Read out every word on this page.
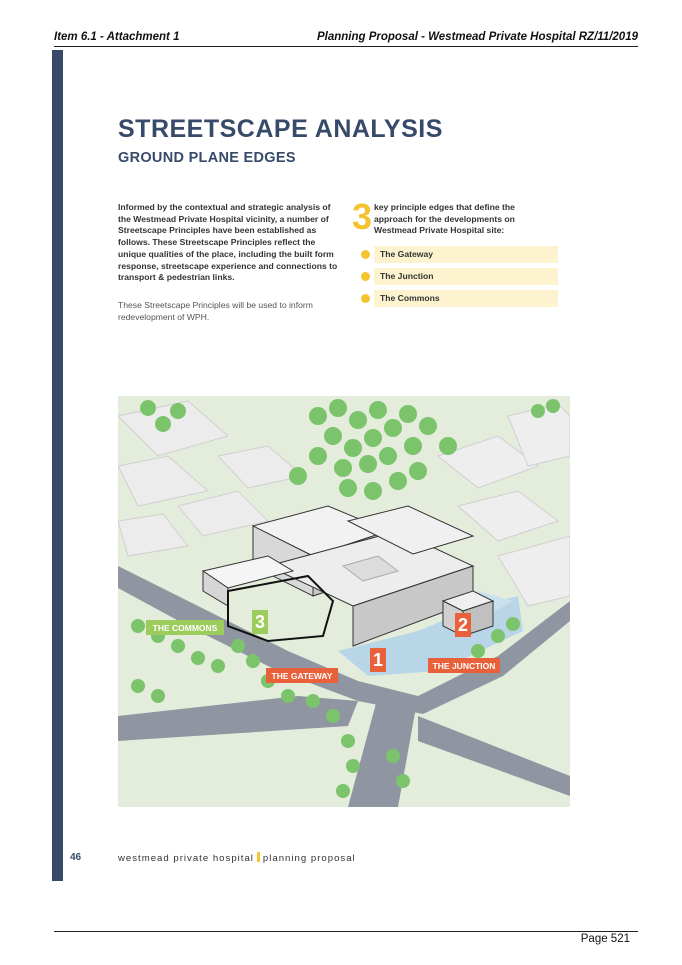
Item 6.1 - Attachment 1	Planning Proposal - Westmead Private Hospital RZ/11/2019
STREETSCAPE ANALYSIS
GROUND PLANE EDGES

Informed by the contextual and strategic analysis of the Westmead Private Hospital vicinity, a number of Streetscape Principles have been established as follows. These Streetscape Principles reflect the unique qualities of the place, including the built form response, streetscape experience and connections to transport & pedestrian links.

These Streetscape Principles will be used to inform redevelopment of WPH.

3 key principle edges that define the approach for the developments on Westmead Private Hospital site:

The Gateway
The Junction
The Commons
1
2
3
THE COMMONS
THE GATEWAY
THE JUNCTION
46	westmead private hospital planning proposal
Page 521
